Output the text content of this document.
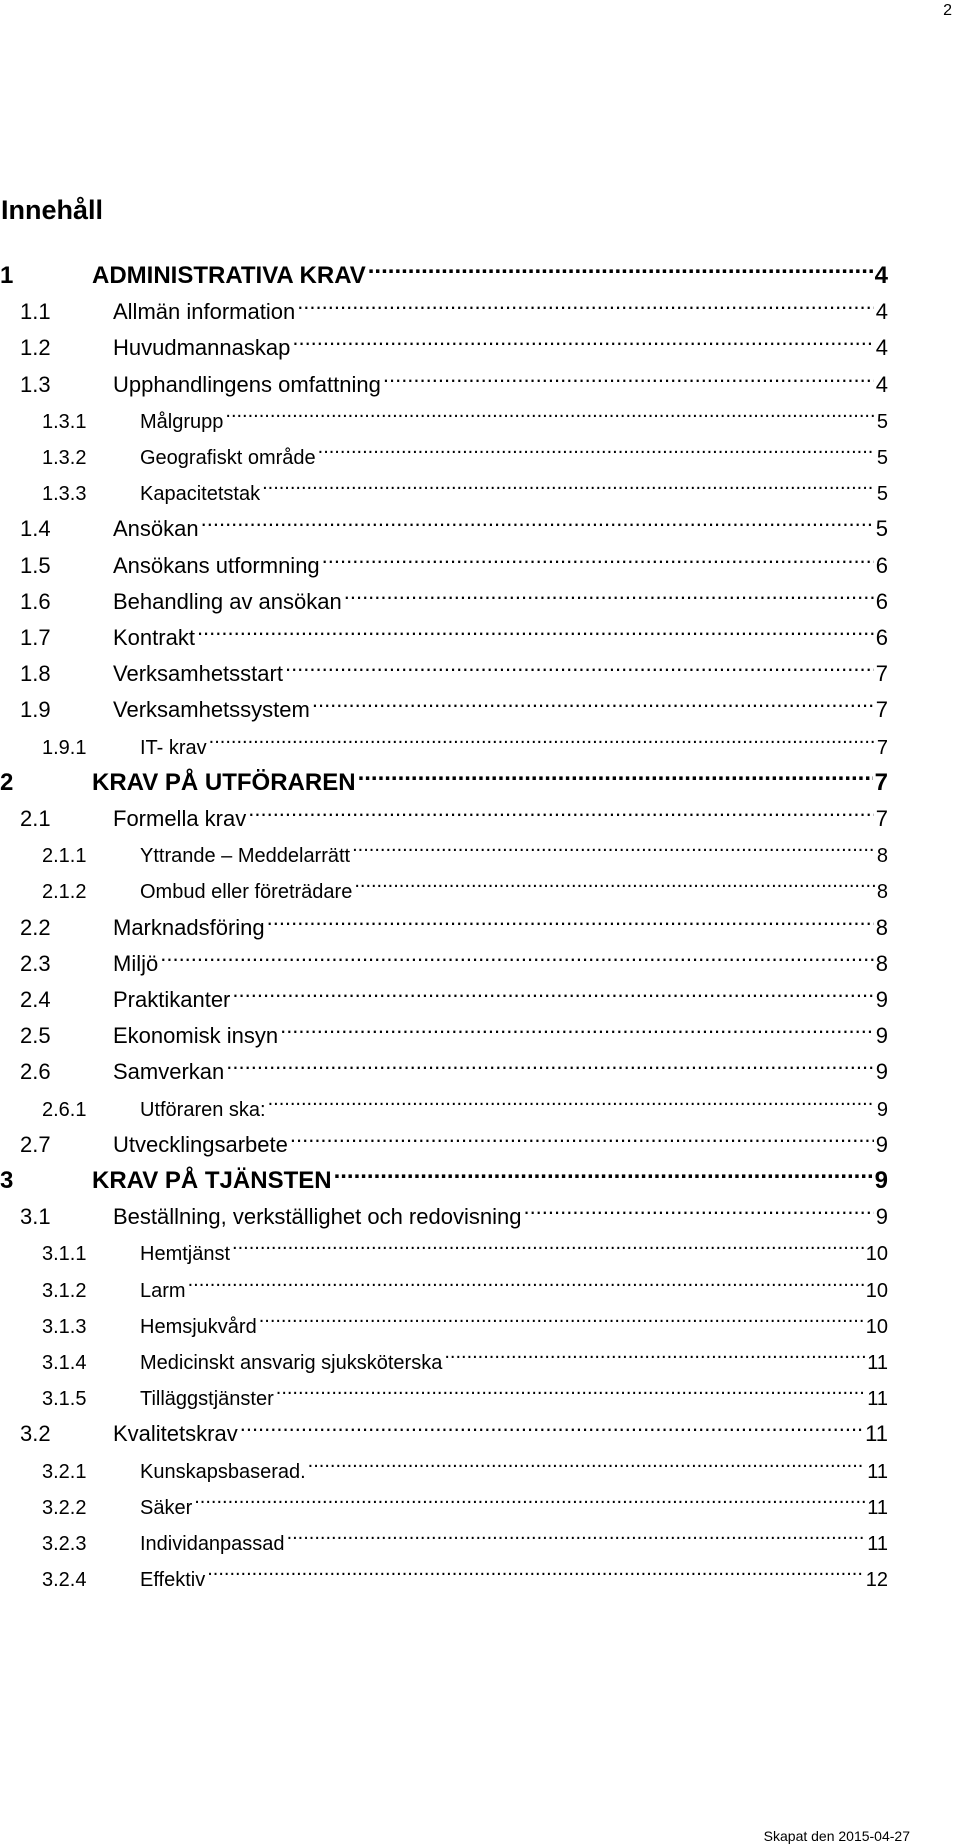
2
Innehåll
1	ADMINISTRATIVA KRAV .....	4
1.1	Allmän information .....	4
1.2	Huvudmannaskap .....	4
1.3	Upphandlingens omfattning .....	4
1.3.1	Målgrupp .....	5
1.3.2	Geografiskt område .....	5
1.3.3	Kapacitetstak .....	5
1.4	Ansökan .....	5
1.5	Ansökans utformning .....	6
1.6	Behandling av ansökan .....	6
1.7	Kontrakt .....	6
1.8	Verksamhetsstart .....	7
1.9	Verksamhetssystem .....	7
1.9.1	IT- krav .....	7
2	KRAV PÅ UTFÖRAREN .....	7
2.1	Formella krav .....	7
2.1.1	Yttrande – Meddelarrätt .....	8
2.1.2	Ombud eller företrädare .....	8
2.2	Marknadsföring .....	8
2.3	Miljö .....	8
2.4	Praktikanter .....	9
2.5	Ekonomisk insyn .....	9
2.6	Samverkan .....	9
2.6.1	Utföraren ska: .....	9
2.7	Utvecklingsarbete .....	9
3	KRAV PÅ TJÄNSTEN .....	9
3.1	Beställning, verkställighet och redovisning .....	9
3.1.1	Hemtjänst .....	10
3.1.2	Larm .....	10
3.1.3	Hemsjukvård .....	10
3.1.4	Medicinskt ansvarig sjuksköterska .....	11
3.1.5	Tilläggstjänster .....	11
3.2	Kvalitetskrav .....	11
3.2.1	Kunskapsbaserad. .....	11
3.2.2	Säker .....	11
3.2.3	Individanpassad .....	11
3.2.4	Effektiv .....	12
Skapat den 2015-04-27
